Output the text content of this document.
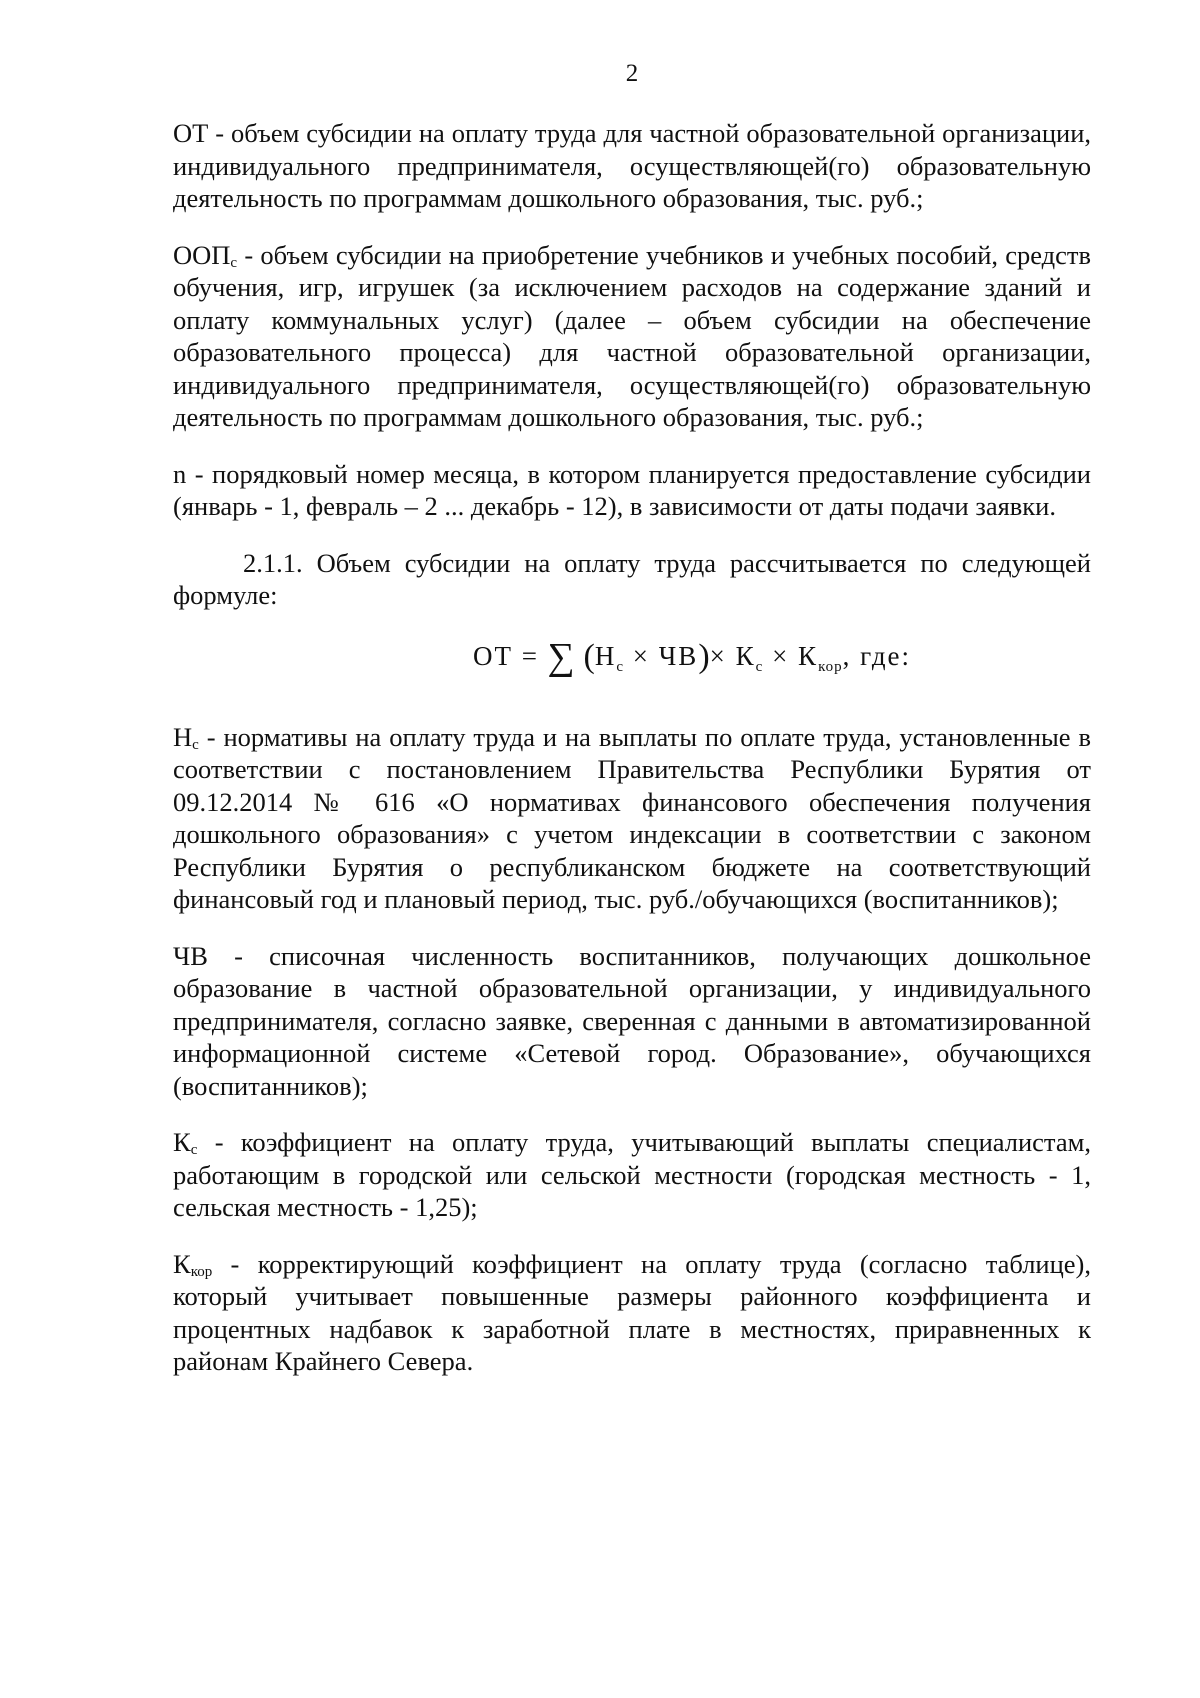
2

ОТ - объем субсидии на оплату труда для частной образовательной организации, индивидуального предпринимателя, осуществляющей(го) образовательную деятельность по программам дошкольного образования, тыс. руб.;

$ООП_с$ - объем субсидии на приобретение учебников и учебных пособий, средств обучения, игр, игрушек (за исключением расходов на содержание зданий и оплату коммунальных услуг) (далее – объем субсидии на обеспечение образовательного процесса) для частной образовательной организации, индивидуального предпринимателя, осуществляющей(го) образовательную деятельность по программам дошкольного образования, тыс. руб.;

n - порядковый номер месяца, в котором планируется предоставление субсидии (январь - 1, февраль – 2 ... декабрь - 12), в зависимости от даты подачи заявки.

2.1.1. Объем субсидии на оплату труда рассчитывается по следующей формуле:

ОТ = ∑ $(Н_с \times ЧВ)\times К_с \times К_{кор}$, где:

$Н_с$ - нормативы на оплату труда и на выплаты по оплате труда, установленные в соответствии с постановлением Правительства Республики Бурятия от 09.12.2014 № 616 «О нормативах финансового обеспечения получения дошкольного образования» с учетом индексации в соответствии с законом Республики Бурятия о республиканском бюджете на соответствующий финансовый год и плановый период, тыс. руб./обучающихся (воспитанников);

ЧВ - списочная численность воспитанников, получающих дошкольное образование в частной образовательной организации, у индивидуального предпринимателя, согласно заявке, сверенная с данными в автоматизированной информационной системе «Сетевой город. Образование», обучающихся (воспитанников);

$К_с$ - коэффициент на оплату труда, учитывающий выплаты специалистам, работающим в городской или сельской местности (городская местность - 1, сельская местность - 1,25);

$К_{кор}$ - корректирующий коэффициент на оплату труда (согласно таблице), который учитывает повышенные размеры районного коэффициента и процентных надбавок к заработной плате в местностях, приравненных к районам Крайнего Севера.
